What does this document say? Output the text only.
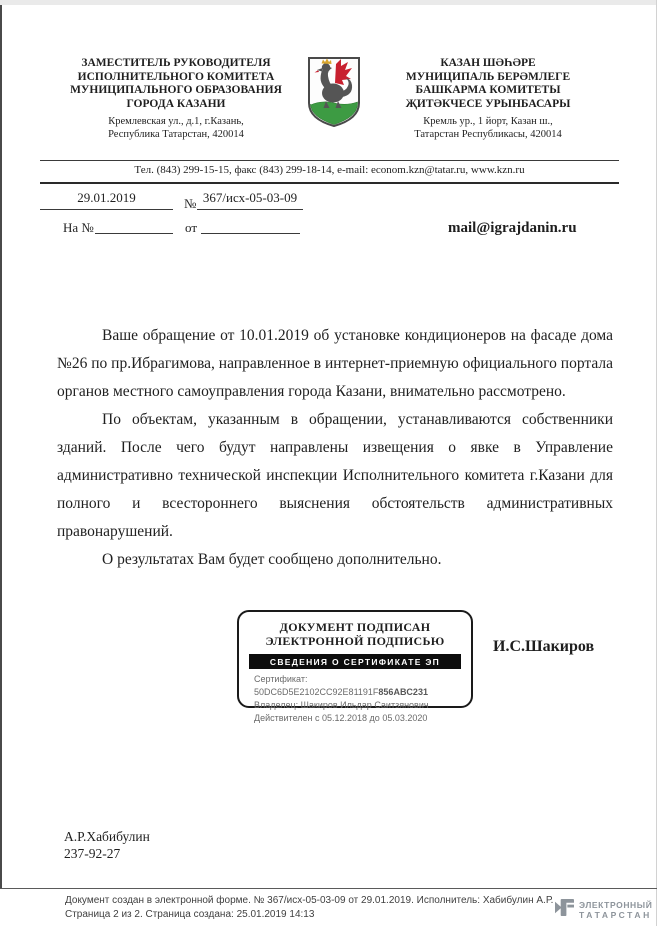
ЗАМЕСТИТЕЛЬ РУКОВОДИТЕЛЯ
ИСПОЛНИТЕЛЬНОГО КОМИТЕТА
МУНИЦИПАЛЬНОГО ОБРАЗОВАНИЯ
ГОРОДА КАЗАНИ
Кремлевская ул., д.1, г.Казань,
Республика Татарстан, 420014
КАЗАН ШӘҺӘРЕ
МУНИЦИПАЛЬ БЕРӘМЛЕГЕ
БАШКАРМА КОМИТЕТЫ
ҖИТӘКЧЕСЕ УРЫНБАСАРЫ
Кремль ур., 1 йорт, Казан ш.,
Татарстан Республикасы, 420014
Тел. (843) 299-15-15, факс (843) 299-18-14, e-mail: econom.kzn@tatar.ru, www.kzn.ru
29.01.2019	№ 367/исх-05-03-09
На №	от	mail@igrajdanin.ru

Ваше обращение от 10.01.2019 об установке кондиционеров на фасаде дома №26 по пр.Ибрагимова, направленное в интернет-приемную официального портала органов местного самоуправления города Казани, внимательно рассмотрено.

По объектам, указанным в обращении, устанавливаются собственники зданий. После чего будут направлены извещения о явке в Управление административно технической инспекции Исполнительного комитета г.Казани для полного и всестороннего выяснения обстоятельств административных правонарушений.

О результатах Вам будет сообщено дополнительно.

ДОКУМЕНТ ПОДПИСАН
ЭЛЕКТРОННОЙ ПОДПИСЬЮ
СВЕДЕНИЯ О СЕРТИФИКАТЕ ЭП
Сертификат: 50DC6D5E2102CC92E81191F856ABC231
Владелец: Шакиров Ильдар Саитзянович
Действителен с 05.12.2018 до 05.03.2020
И.С.Шакиров
А.Р.Хабибулин
237-92-27
Документ создан в электронной форме. № 367/исх-05-03-09 от 29.01.2019. Исполнитель: Хабибулин А.Р.
Страница 2 из 2. Страница создана: 25.01.2019 14:13
ЭЛЕКТРОННЫЙ
ТАТАРСТАН
